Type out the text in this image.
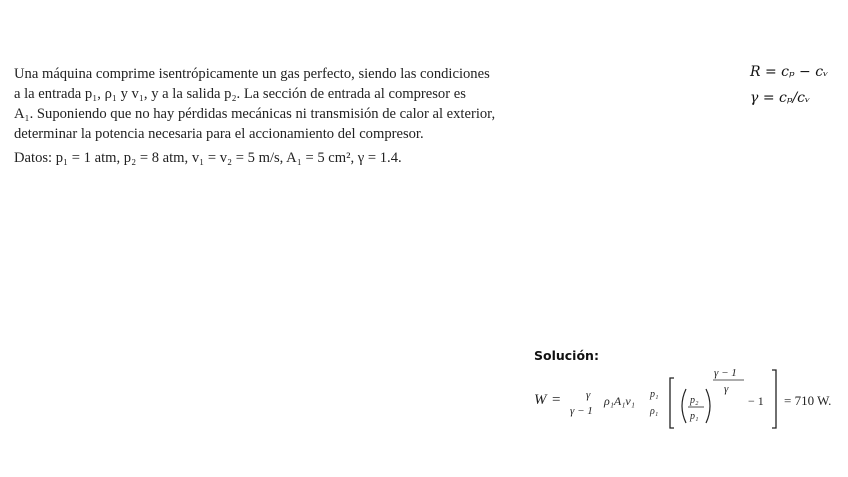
Una máquina comprime isentrópicamente un gas perfecto, siendo las condiciones

a la entrada p₁, ρ₁ y v₁, y a la salida p₂. La sección de entrada al compresor es

A₁. Suponiendo que no hay pérdidas mecánicas ni transmisión de calor al exterior,

determinar la potencia necesaria para el accionamiento del compresor.

Datos: p₁ = 1 atm, p₂ = 8 atm, v₁ = v₂ = 5 m/s, A₁ = 5 cm², γ = 1.4.

R = cₚ − cᵥ
γ = cₚ/cᵥ
Solución:
W = γ
γ − 1
ρ₁A₁v₁ p₁
ρ₁
p₂
p₁
γ − 1
γ
− 1 = 710 W.
